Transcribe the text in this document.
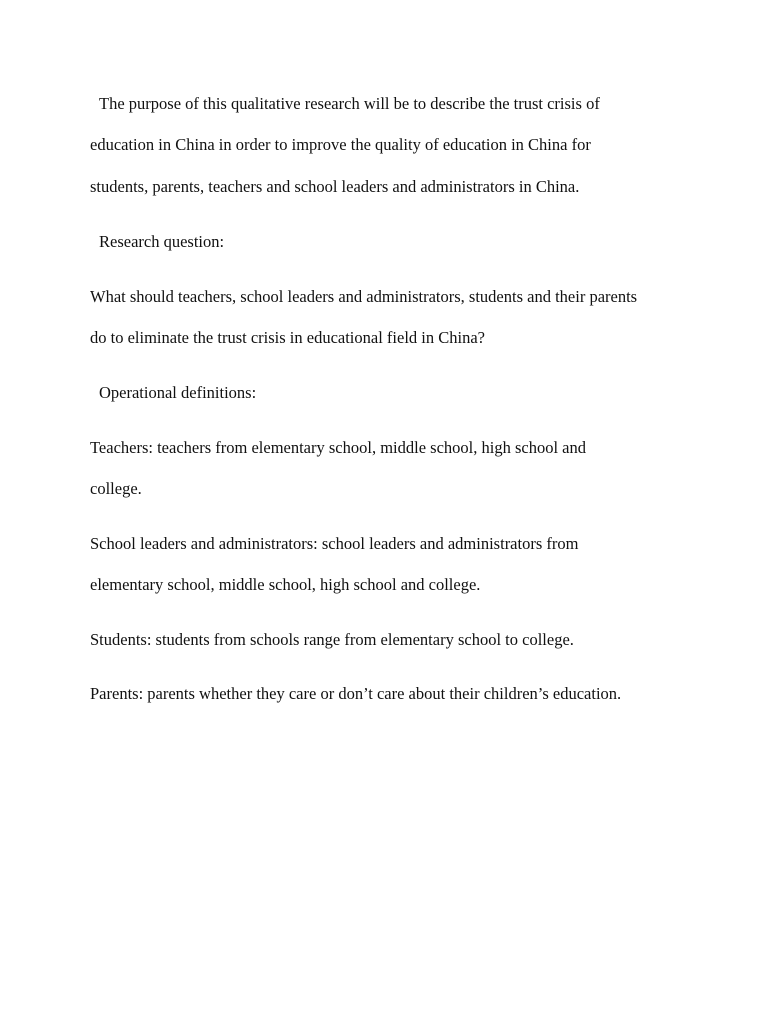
The purpose of this qualitative research will be to describe the trust crisis of
education in China in order to improve the quality of education in China for
students, parents, teachers and school leaders and administrators in China.
Research question:
What should teachers, school leaders and administrators, students and their parents
do to eliminate the trust crisis in educational field in China?
Operational definitions:
Teachers: teachers from elementary school, middle school, high school and
college.
School leaders and administrators: school leaders and administrators from
elementary school, middle school, high school and college.
Students: students from schools range from elementary school to college.
Parents: parents whether they care or don’t care about their children’s education.
